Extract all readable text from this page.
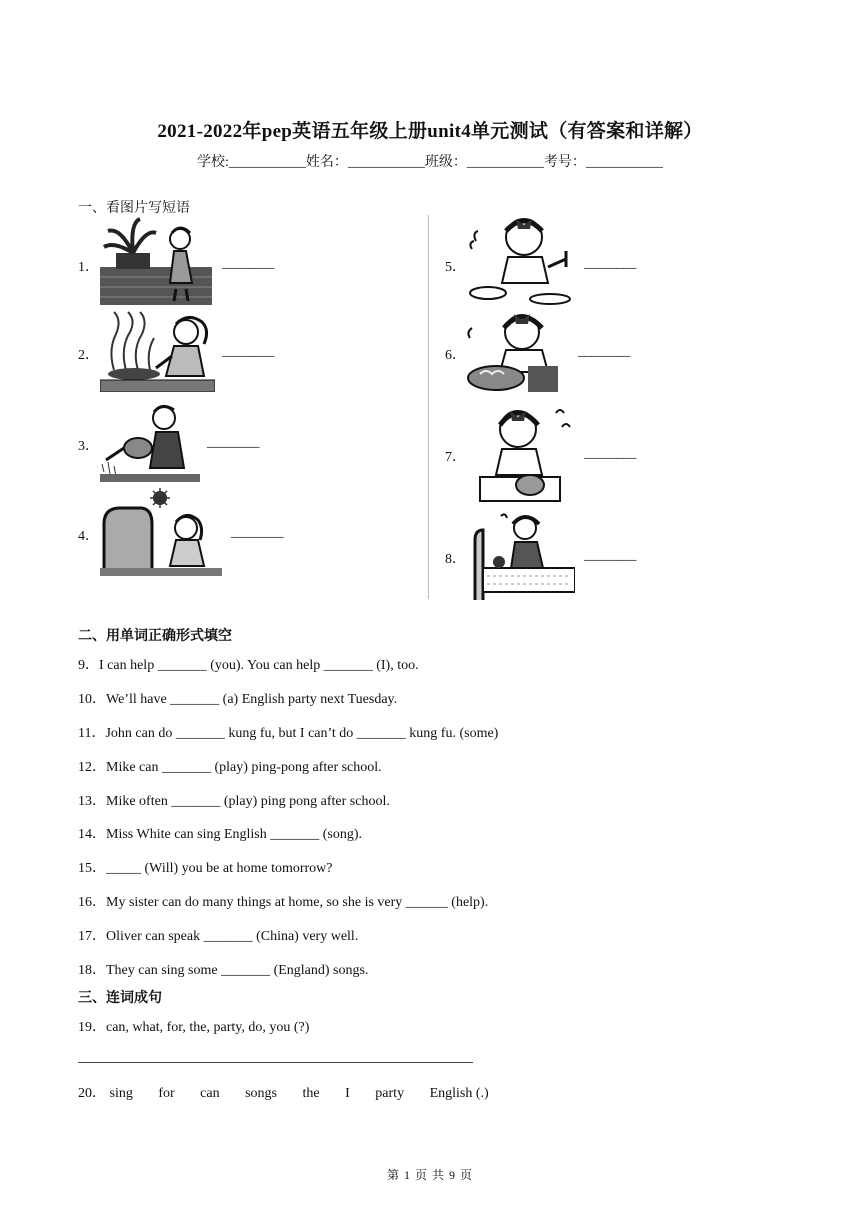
2021-2022年pep英语五年级上册unit4单元测试（有答案和详解）
学校:___________姓名：___________班级：___________考号：___________
一、看图片写短语
1．	________
2．	________
3．	________
4．	________
5．	________
6．	________
7．	________
8．	________
二、用单词正确形式填空
9．I can help _______ (you). You can help _______ (I), too.
10．We’ll have _______ (a) English party next Tuesday.
11．John can do _______ kung fu, but I can’t do _______ kung fu. (some)
12．Mike can _______ (play) ping-pong after school.
13．Mike often _______ (play) ping pong after school.
14．Miss White can sing English _______ (song).
15．_____ (Will) you be at home tomorrow?
16．My sister can do many things at home, so she is very ______ (help).
17．Oliver can speak _______ (China) very well.
18．They can sing some _______ (England) songs.
三、连词成句
19．can, what, for, the, party, do, you (?)
20． sing for can songs the I party English (.)
第 1 页 共 9 页
